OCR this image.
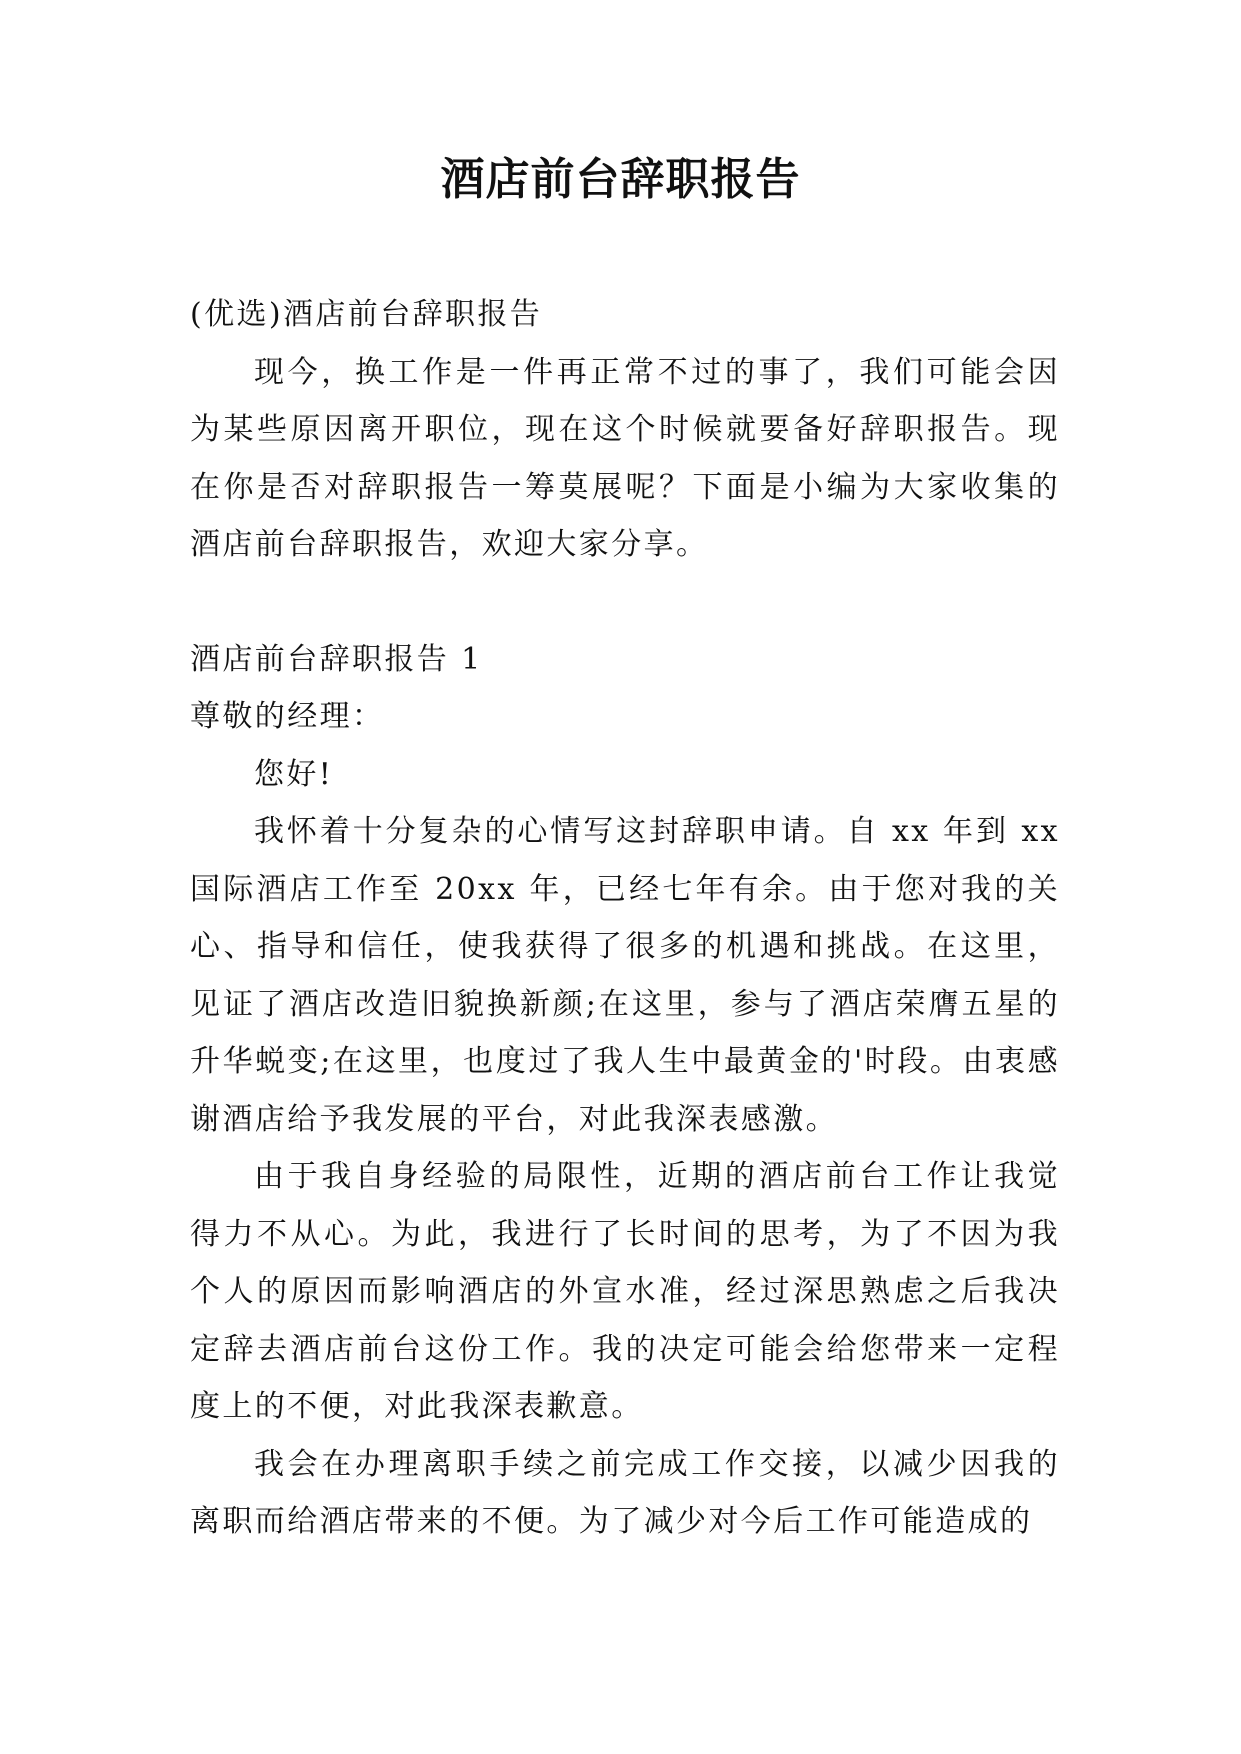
酒店前台辞职报告

(优选)酒店前台辞职报告

现今，换工作是一件再正常不过的事了，我们可能会因为某些原因离开职位，现在这个时候就要备好辞职报告。现在你是否对辞职报告一筹莫展呢？下面是小编为大家收集的酒店前台辞职报告，欢迎大家分享。

酒店前台辞职报告 1

尊敬的经理：

您好!

我怀着十分复杂的心情写这封辞职申请。自 xx 年到 xx 国际酒店工作至 20xx 年，已经七年有余。由于您对我的关心、指导和信任，使我获得了很多的机遇和挑战。在这里，见证了酒店改造旧貌换新颜;在这里，参与了酒店荣膺五星的升华蜕变;在这里，也度过了我人生中最黄金的'时段。由衷感谢酒店给予我发展的平台，对此我深表感激。

由于我自身经验的局限性，近期的酒店前台工作让我觉得力不从心。为此，我进行了长时间的思考，为了不因为我个人的原因而影响酒店的外宣水准，经过深思熟虑之后我决定辞去酒店前台这份工作。我的决定可能会给您带来一定程度上的不便，对此我深表歉意。

我会在办理离职手续之前完成工作交接，以减少因我的离职而给酒店带来的不便。为了减少对今后工作可能造成的
